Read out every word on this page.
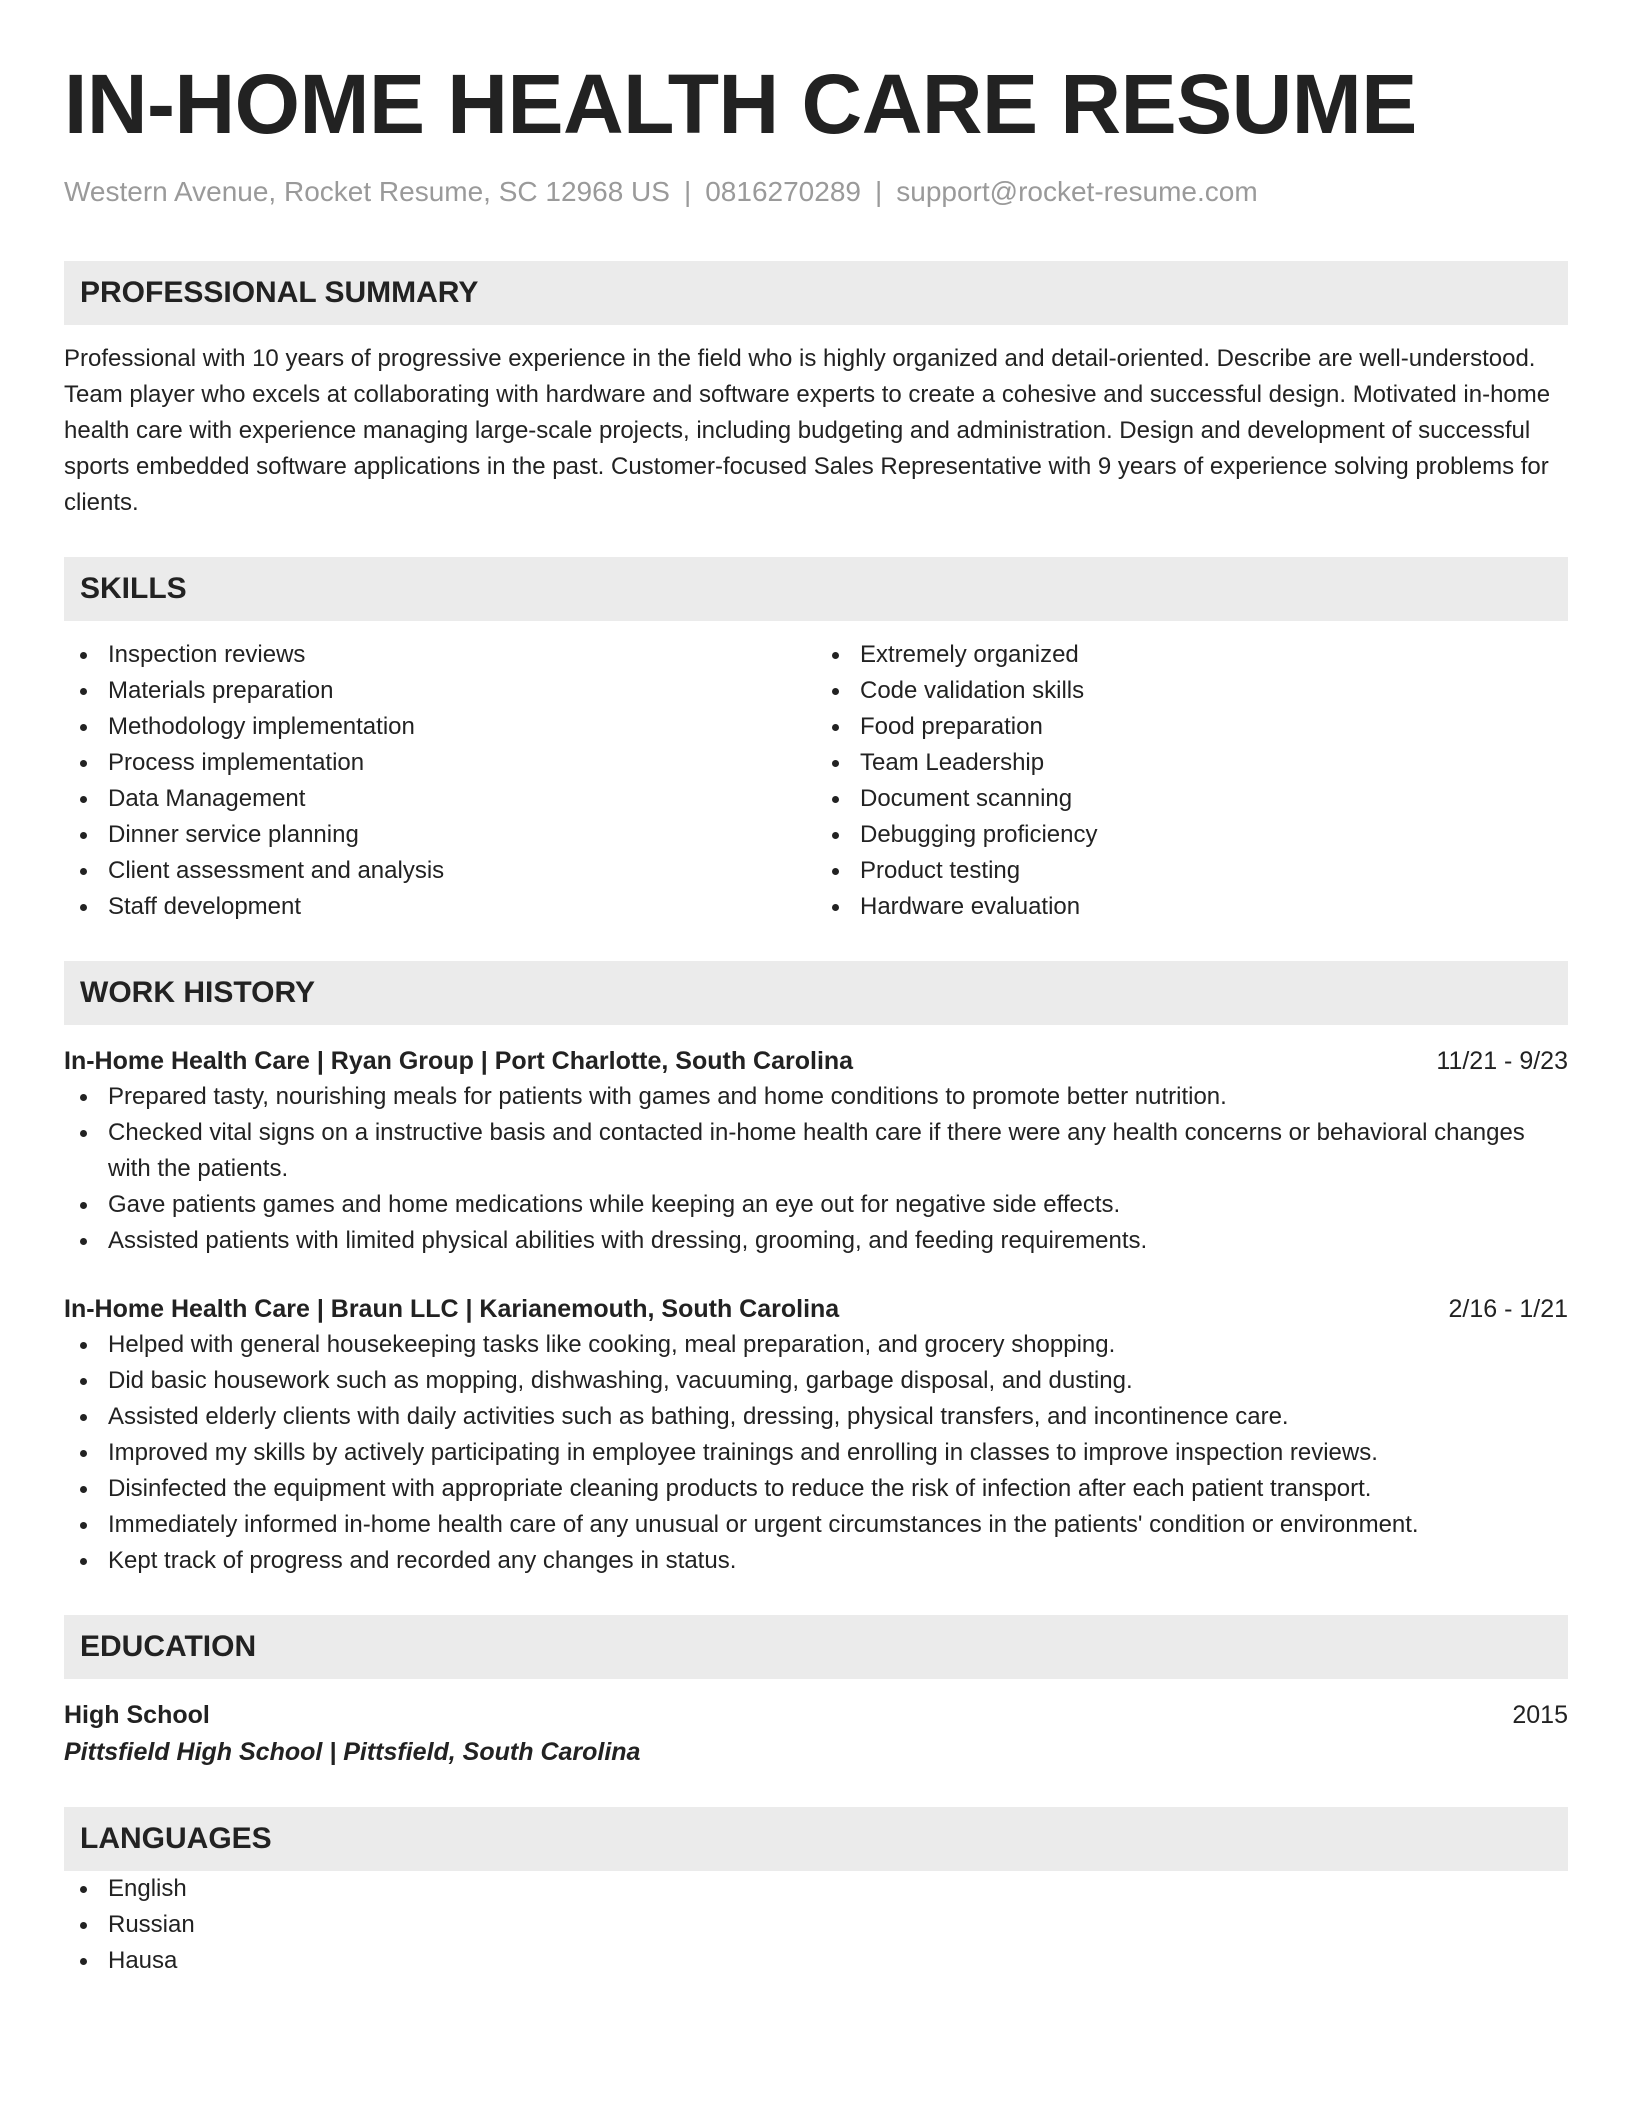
IN-HOME HEALTH CARE RESUME
Western Avenue, Rocket Resume, SC 12968 US | 0816270289 | support@rocket-resume.com
PROFESSIONAL SUMMARY
Professional with 10 years of progressive experience in the field who is highly organized and detail-oriented. Describe are well-understood. Team player who excels at collaborating with hardware and software experts to create a cohesive and successful design. Motivated in-home health care with experience managing large-scale projects, including budgeting and administration. Design and development of successful sports embedded software applications in the past. Customer-focused Sales Representative with 9 years of experience solving problems for clients.
SKILLS
Inspection reviews
Materials preparation
Methodology implementation
Process implementation
Data Management
Dinner service planning
Client assessment and analysis
Staff development
Extremely organized
Code validation skills
Food preparation
Team Leadership
Document scanning
Debugging proficiency
Product testing
Hardware evaluation
WORK HISTORY
In-Home Health Care | Ryan Group | Port Charlotte, South Carolina	11/21 - 9/23
Prepared tasty, nourishing meals for patients with games and home conditions to promote better nutrition.
Checked vital signs on a instructive basis and contacted in-home health care if there were any health concerns or behavioral changes with the patients.
Gave patients games and home medications while keeping an eye out for negative side effects.
Assisted patients with limited physical abilities with dressing, grooming, and feeding requirements.
In-Home Health Care | Braun LLC | Karianemouth, South Carolina	2/16 - 1/21
Helped with general housekeeping tasks like cooking, meal preparation, and grocery shopping.
Did basic housework such as mopping, dishwashing, vacuuming, garbage disposal, and dusting.
Assisted elderly clients with daily activities such as bathing, dressing, physical transfers, and incontinence care.
Improved my skills by actively participating in employee trainings and enrolling in classes to improve inspection reviews.
Disinfected the equipment with appropriate cleaning products to reduce the risk of infection after each patient transport.
Immediately informed in-home health care of any unusual or urgent circumstances in the patients' condition or environment.
Kept track of progress and recorded any changes in status.
EDUCATION
High School	2015
Pittsfield High School | Pittsfield, South Carolina
LANGUAGES
English
Russian
Hausa
